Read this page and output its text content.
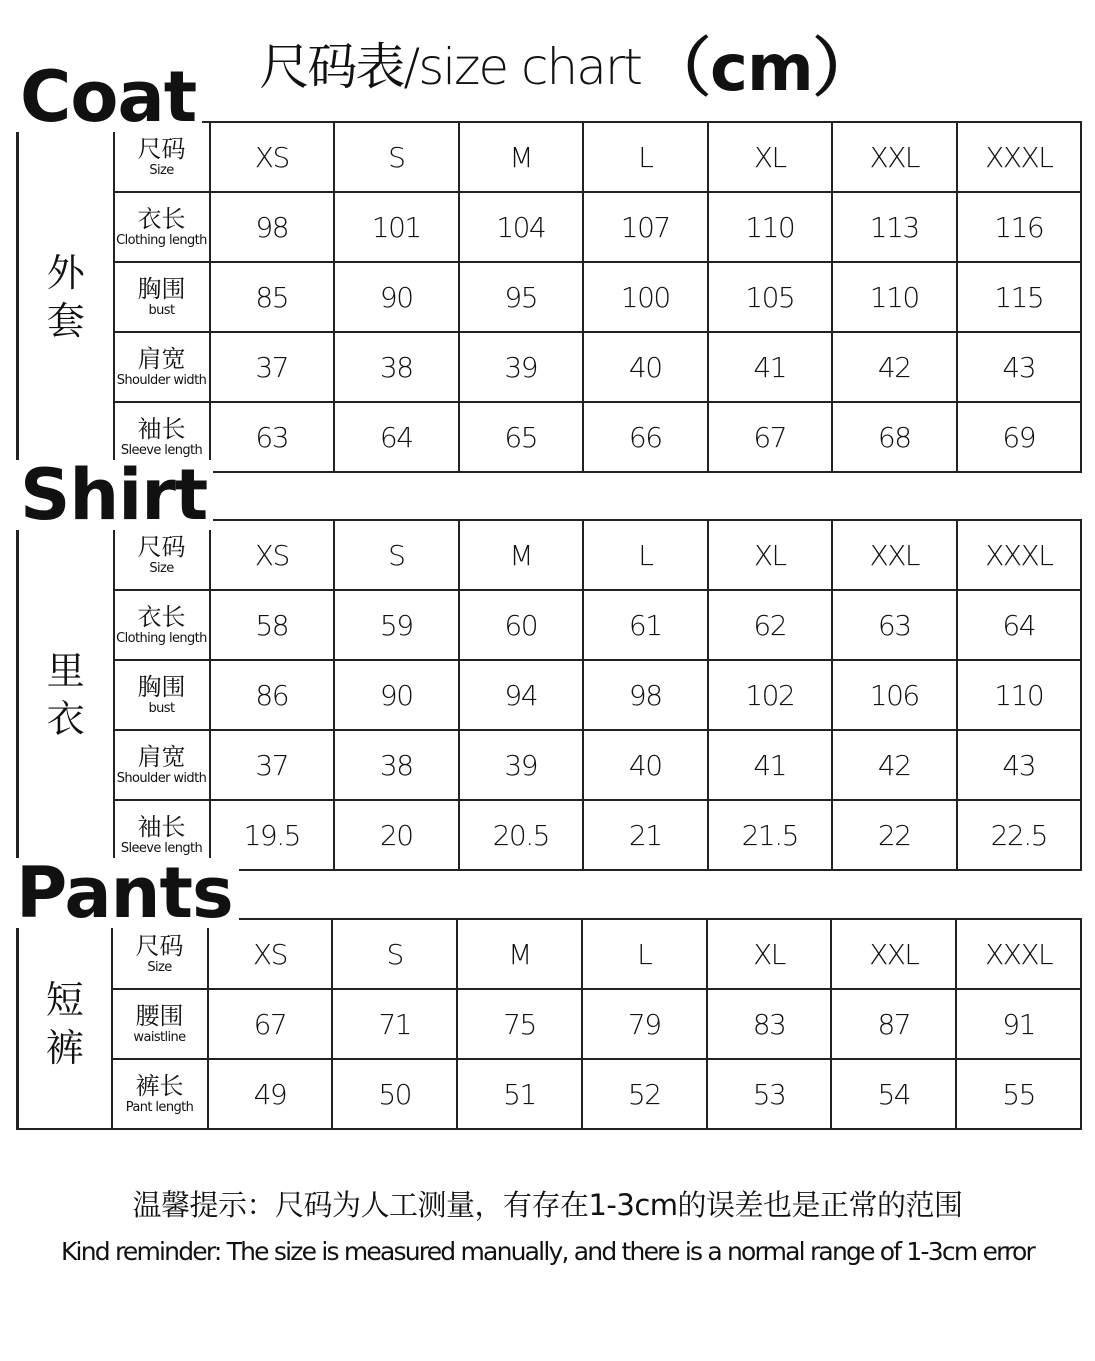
尺码表/size chart （cm）
Coat
外
套	尺码
Size	XS	S	M	L	XL	XXL	XXXL

	衣长
Clothing length	98	101	104	107	110	113	116

	胸围
bust	85	90	95	100	105	110	115

	肩宽
Shoulder width	37	38	39	40	41	42	43

	袖长
Sleeve length	63	64	65	66	67	68	69
Shirt
里
衣	尺码
Size	XS	S	M	L	XL	XXL	XXXL

	衣长
Clothing length	58	59	60	61	62	63	64

	胸围
bust	86	90	94	98	102	106	110

	肩宽
Shoulder width	37	38	39	40	41	42	43

	袖长
Sleeve length	19.5	20	20.5	21	21.5	22	22.5
Pants
短
裤	尺码
Size	XS	S	M	L	XL	XXL	XXXL

	腰围
waistline	67	71	75	79	83	87	91

	裤长
Pant length	49	50	51	52	53	54	55
温馨提示：尺码为人工测量，有存在1-3cm的误差也是正常的范围
Kind reminder: The size is measured manually, and there is a normal range of 1-3cm error
